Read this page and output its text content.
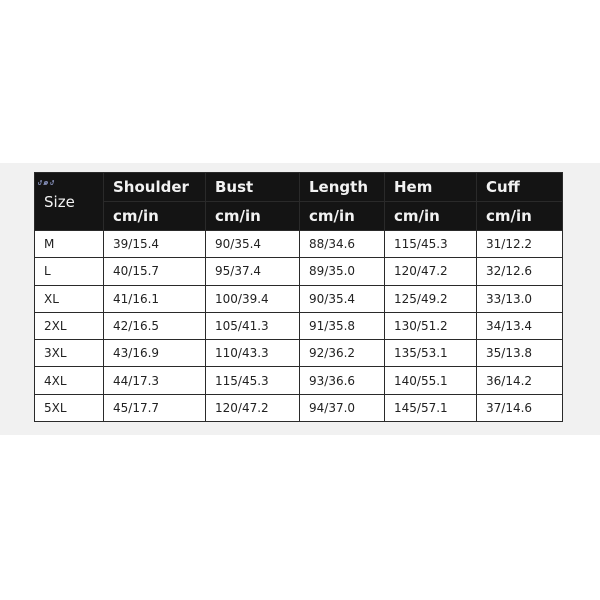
ง๑ง
Size	Shoulder	Bust	Length	Hem	Cuff
	cm/in	cm/in	cm/in	cm/in	cm/in
M	39/15.4	90/35.4	88/34.6	115/45.3	31/12.2
L	40/15.7	95/37.4	89/35.0	120/47.2	32/12.6
XL	41/16.1	100/39.4	90/35.4	125/49.2	33/13.0
2XL	42/16.5	105/41.3	91/35.8	130/51.2	34/13.4
3XL	43/16.9	110/43.3	92/36.2	135/53.1	35/13.8
4XL	44/17.3	115/45.3	93/36.6	140/55.1	36/14.2
5XL	45/17.7	120/47.2	94/37.0	145/57.1	37/14.6
